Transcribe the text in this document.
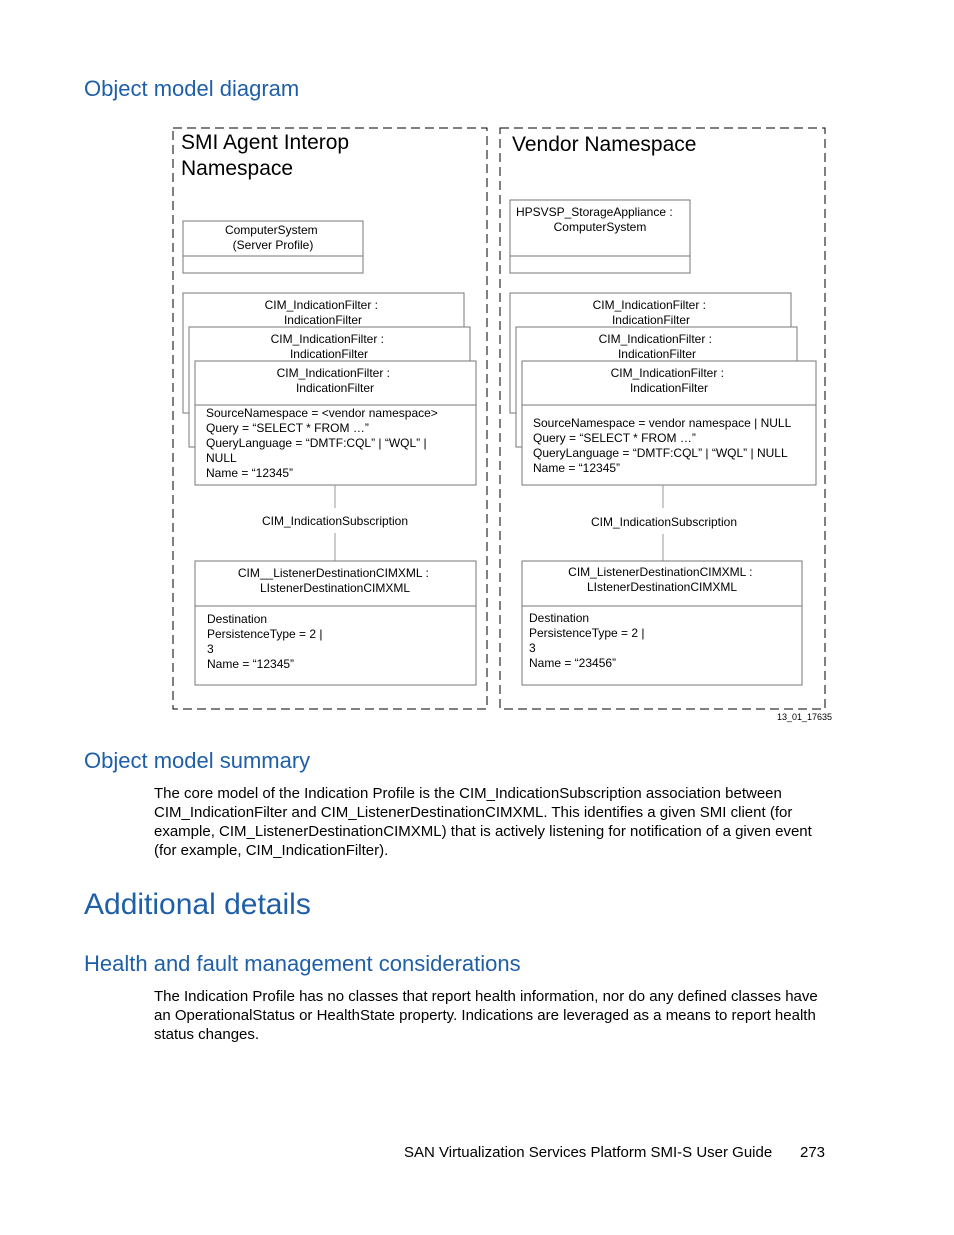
Object model diagram
SMI Agent Interop Namespace
Vendor Namespace
ComputerSystem (Server Profile)
CIM_IndicationFilter : IndicationFilter
CIM_IndicationFilter : IndicationFilter
CIM_IndicationFilter : IndicationFilter
SourceNamespace = <vendor namespace> Query = “SELECT * FROM …” QueryLanguage = “DMTF:CQL” | “WQL” | NULL Name = “12345”
CIM_IndicationSubscription
CIM__ListenerDestinationCIMXML : LIstenerDestinationCIMXML
Destination PersistenceType = 2 | 3 Name = “12345”
HPSVSP_StorageAppliance : ComputerSystem
CIM_IndicationFilter : IndicationFilter
CIM_IndicationFilter : IndicationFilter
CIM_IndicationFilter : IndicationFilter
SourceNamespace = vendor namespace | NULL Query = “SELECT * FROM …” QueryLanguage = “DMTF:CQL” | “WQL” | NULL Name = “12345”
CIM_IndicationSubscription
CIM_ListenerDestinationCIMXML : LIstenerDestinationCIMXML
Destination PersistenceType = 2 | 3 Name = “23456”
13_01_17635
Object model summary

The core model of the Indication Profile is the CIM_IndicationSubscription association between
CIM_IndicationFilter and CIM_ListenerDestinationCIMXML. This identifies a given SMI client (for
example, CIM_ListenerDestinationCIMXML) that is actively listening for notification of a given event
(for example, CIM_IndicationFilter).

Additional details
Health and fault management considerations

The Indication Profile has no classes that report health information, nor do any defined classes have
an OperationalStatus or HealthState property. Indications are leveraged as a means to report health
status changes.

SAN Virtualization Services Platform SMI-S User Guide 273
